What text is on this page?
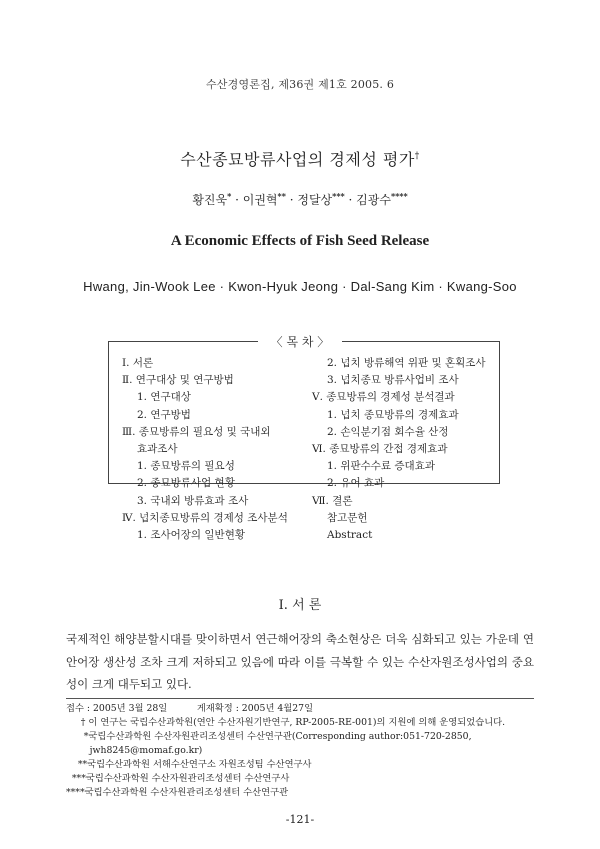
수산경영론집, 제36권 제1호 2005. 6
수산종묘방류사업의 경제성 평가†
황진욱* · 이권혁** · 정달상*** · 김광수****
A Economic Effects of Fish Seed Release
Hwang, Jin-Wook Lee · Kwon-Hyuk Jeong · Dal-Sang Kim · Kwang-Soo
〈 목 차 〉
Ⅰ. 서론
Ⅱ. 연구대상 및 연구방법
1. 연구대상
2. 연구방법
Ⅲ. 종묘방류의 필요성 및 국내외
효과조사
1. 종묘방류의 필요성
2. 종묘방류사업 현황
3. 국내외 방류효과 조사
Ⅳ. 넙치종묘방류의 경제성 조사분석
1. 조사어장의 일반현황
2. 넙치 방류해역 위판 및 혼획조사
3. 넙치종묘 방류사업비 조사
Ⅴ. 종묘방류의 경제성 분석결과
1. 넙치 종묘방류의 경제효과
2. 손익분기점 회수율 산정
Ⅵ. 종묘방류의 간접 경제효과
1. 위판수수료 증대효과
2. 유어 효과
Ⅶ. 결론
참고문헌
Abstract
Ⅰ. 서 론
국제적인 해양분할시대를 맞이하면서 연근해어장의 축소현상은 더욱 심화되고 있는 가운데 연안어장 생산성 조차 크게 저하되고 있음에 따라 이를 극복할 수 있는 수산자원조성사업의 중요성이 크게 대두되고 있다.
접수 : 2005년 3월 28일          게재확정 : 2005년 4월27일
† 이 연구는 국립수산과학원(연안 수산자원기반연구, RP-2005-RE-001)의 지원에 의해 운영되었습니다.
*국립수산과학원 수산자원관리조성센터 수산연구관(Corresponding author:051-720-2850,
jwh8245@momaf.go.kr)
**국립수산과학원 서해수산연구소 자원조성팀 수산연구사
***국립수산과학원 수산자원관리조성센터 수산연구사
****국립수산과학원 수산자원관리조성센터 수산연구관
-121-
